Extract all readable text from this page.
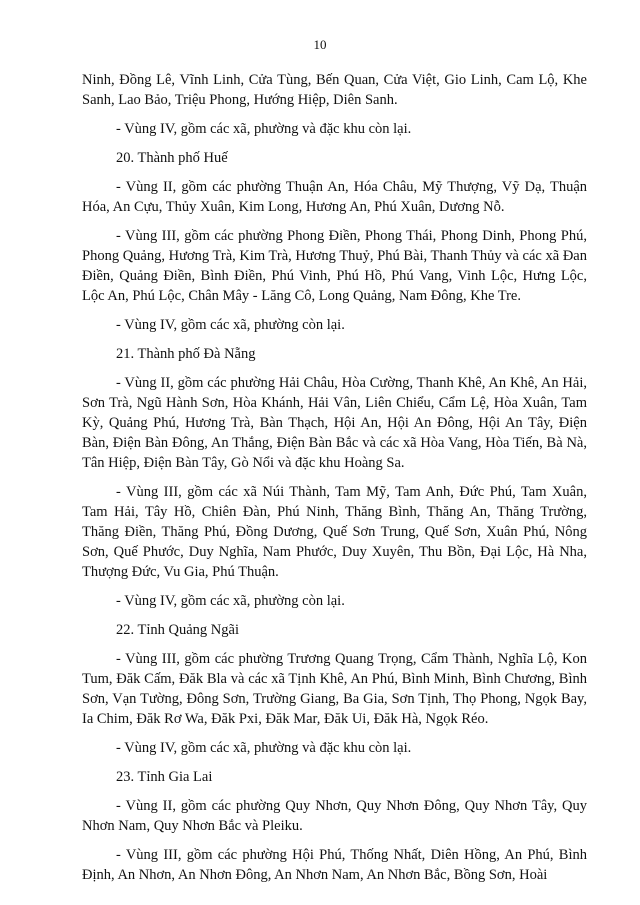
10

Ninh, Đồng Lê, Vĩnh Linh, Cửa Tùng, Bến Quan, Cửa Việt, Gio Linh, Cam Lộ, Khe Sanh, Lao Bảo, Triệu Phong, Hướng Hiệp, Diên Sanh.

- Vùng IV, gồm các xã, phường và đặc khu còn lại.

20. Thành phố Huế

- Vùng II, gồm các phường Thuận An, Hóa Châu, Mỹ Thượng, Vỹ Dạ, Thuận Hóa, An Cựu, Thủy Xuân, Kim Long, Hương An, Phú Xuân, Dương Nỗ.

- Vùng III, gồm các phường Phong Điền, Phong Thái, Phong Dinh, Phong Phú, Phong Quảng, Hương Trà, Kim Trà, Hương Thuỷ, Phú Bài, Thanh Thủy và các xã Đan Điền, Quảng Điền, Bình Điền, Phú Vinh, Phú Hồ, Phú Vang, Vinh Lộc, Hưng Lộc, Lộc An, Phú Lộc, Chân Mây - Lăng Cô, Long Quảng, Nam Đông, Khe Tre.

- Vùng IV, gồm các xã, phường còn lại.

21. Thành phố Đà Nẵng

- Vùng II, gồm các phường Hải Châu, Hòa Cường, Thanh Khê, An Khê, An Hải, Sơn Trà, Ngũ Hành Sơn, Hòa Khánh, Hải Vân, Liên Chiểu, Cẩm Lệ, Hòa Xuân, Tam Kỳ, Quảng Phú, Hương Trà, Bàn Thạch, Hội An, Hội An Đông, Hội An Tây, Điện Bàn, Điện Bàn Đông, An Thắng, Điện Bàn Bắc và các xã Hòa Vang, Hòa Tiến, Bà Nà, Tân Hiệp, Điện Bàn Tây, Gò Nổi và đặc khu Hoàng Sa.

- Vùng III, gồm các xã Núi Thành, Tam Mỹ, Tam Anh, Đức Phú, Tam Xuân, Tam Hải, Tây Hồ, Chiên Đàn, Phú Ninh, Thăng Bình, Thăng An, Thăng Trường, Thăng Điền, Thăng Phú, Đồng Dương, Quế Sơn Trung, Quế Sơn, Xuân Phú, Nông Sơn, Quế Phước, Duy Nghĩa, Nam Phước, Duy Xuyên, Thu Bồn, Đại Lộc, Hà Nha, Thượng Đức, Vu Gia, Phú Thuận.

- Vùng IV, gồm các xã, phường còn lại.

22. Tỉnh Quảng Ngãi

- Vùng III, gồm các phường Trương Quang Trọng, Cẩm Thành, Nghĩa Lộ, Kon Tum, Đăk Cấm, Đăk Bla và các xã Tịnh Khê, An Phú, Bình Minh, Bình Chương, Bình Sơn, Vạn Tường, Đông Sơn, Trường Giang, Ba Gia, Sơn Tịnh, Thọ Phong, Ngọk Bay, Ia Chim, Đăk Rơ Wa, Đăk Pxi, Đăk Mar, Đăk Ui, Đăk Hà, Ngọk Réo.

- Vùng IV, gồm các xã, phường và đặc khu còn lại.

23. Tỉnh Gia Lai

- Vùng II, gồm các phường Quy Nhơn, Quy Nhơn Đông, Quy Nhơn Tây, Quy Nhơn Nam, Quy Nhơn Bắc và Pleiku.

- Vùng III, gồm các phường Hội Phú, Thống Nhất, Diên Hồng, An Phú, Bình Định, An Nhơn, An Nhơn Đông, An Nhơn Nam, An Nhơn Bắc, Bồng Sơn, Hoài
